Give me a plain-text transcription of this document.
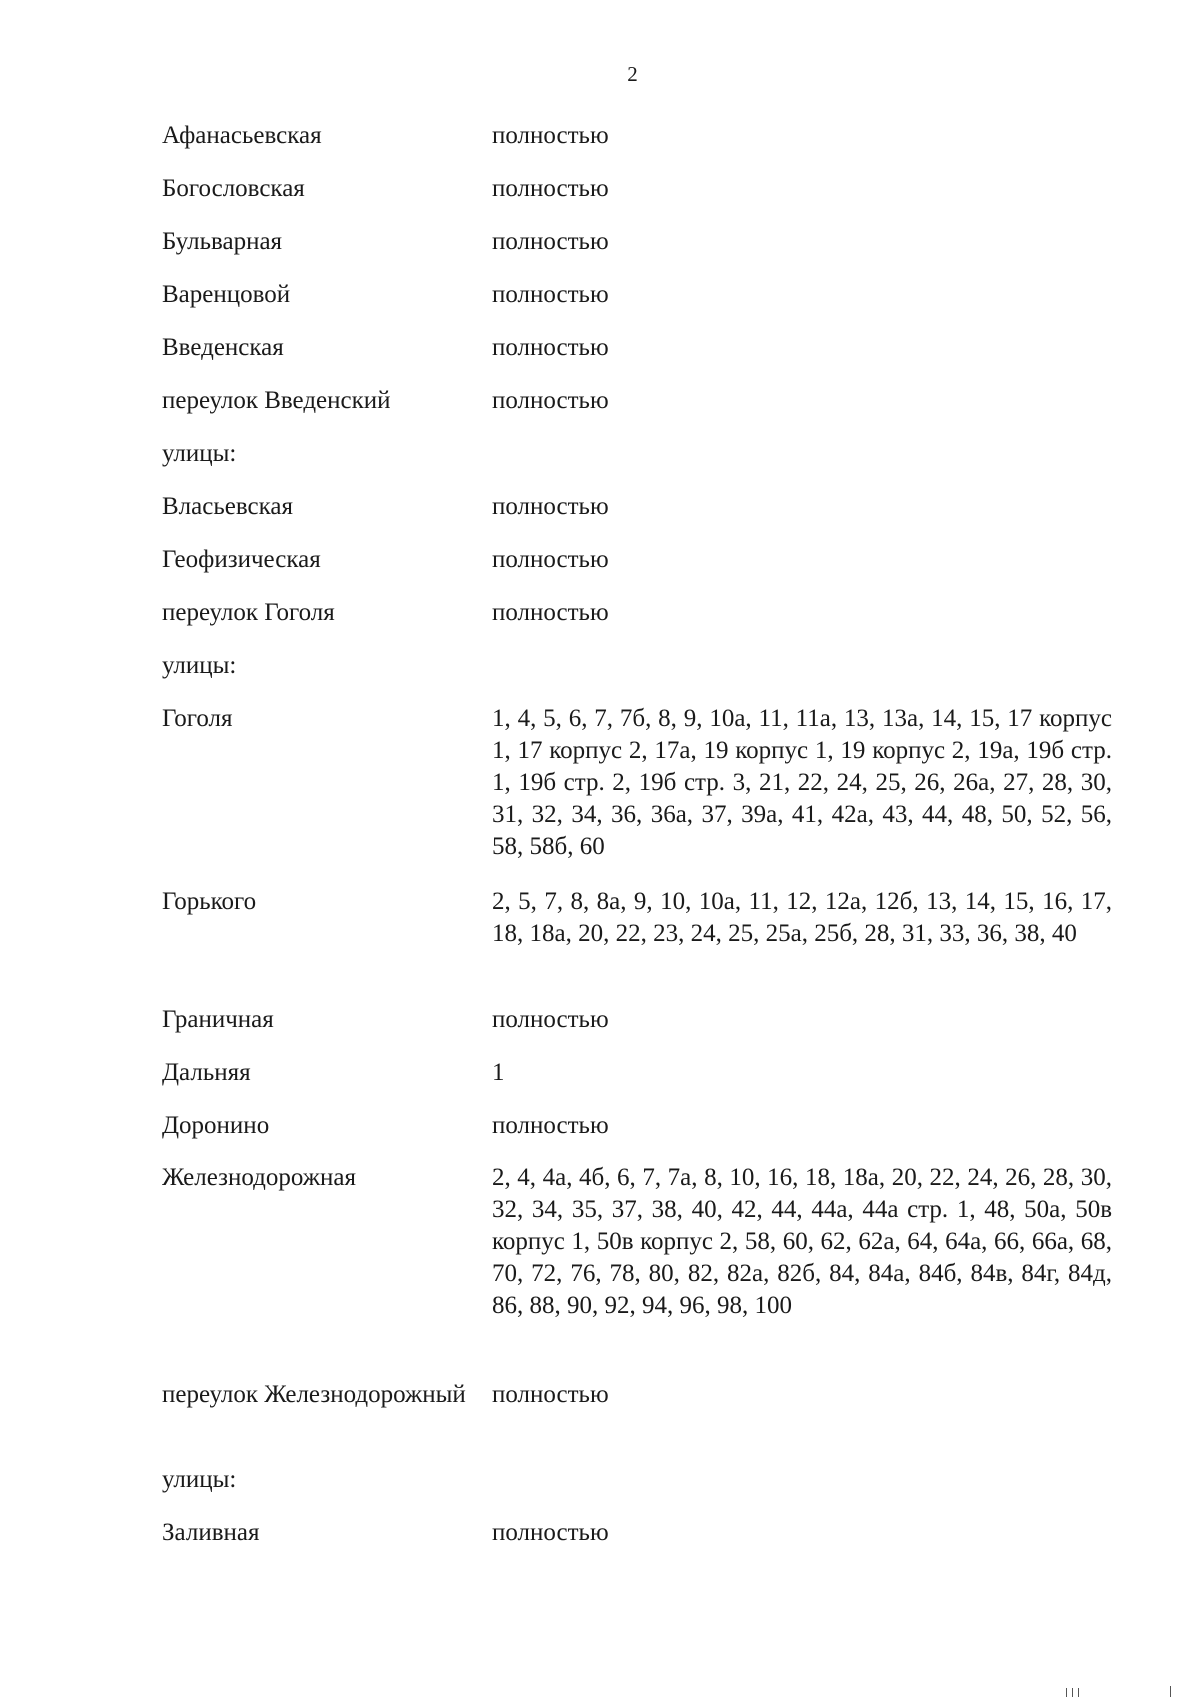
2
Афанасьевская	полностью
Богословская	полностью
Бульварная	полностью
Варенцовой	полностью
Введенская	полностью
переулок Введенский	полностью
улицы:
Власьевская	полностью
Геофизическая	полностью
переулок Гоголя	полностью
улицы:
Гоголя	1, 4, 5, 6, 7, 7б, 8, 9, 10а, 11, 11а, 13, 13а, 14, 15, 17 корпус 1, 17 корпус 2, 17а, 19 корпус 1, 19 корпус 2, 19а, 19б стр. 1, 19б стр. 2, 19б стр. 3, 21, 22, 24, 25, 26, 26а, 27, 28, 30, 31, 32, 34, 36, 36а, 37, 39а, 41, 42а, 43, 44, 48, 50, 52, 56, 58, 58б, 60
Горького	2, 5, 7, 8, 8а, 9, 10, 10а, 11, 12, 12а, 12б, 13, 14, 15, 16, 17, 18, 18а, 20, 22, 23, 24, 25, 25а, 25б, 28, 31, 33, 36, 38, 40
Граничная	полностью
Дальняя	1
Доронино	полностью
Железнодорожная	2, 4, 4а, 4б, 6, 7, 7а, 8, 10, 16, 18, 18а, 20, 22, 24, 26, 28, 30, 32, 34, 35, 37, 38, 40, 42, 44, 44а, 44а стр. 1, 48, 50а, 50в корпус 1, 50в корпус 2, 58, 60, 62, 62а, 64, 64а, 66, 66а, 68, 70, 72, 76, 78, 80, 82, 82а, 82б, 84, 84а, 84б, 84в, 84г, 84д, 86, 88, 90, 92, 94, 96, 98, 100
переулок Железнодорожный	полностью
улицы:
Заливная	полностью
